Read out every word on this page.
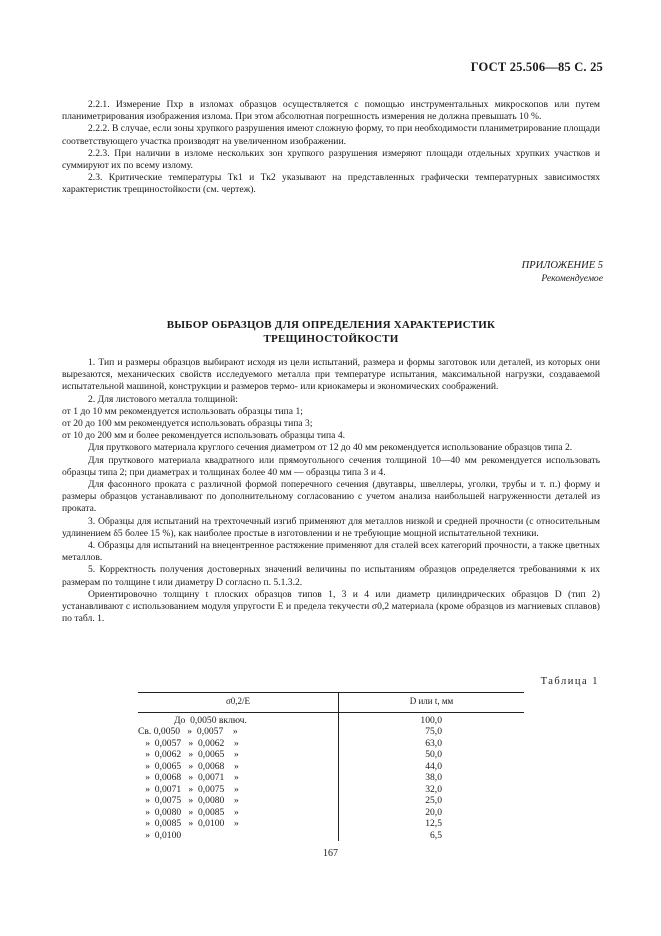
ГОСТ 25.506—85 С. 25

2.2.1. Измерение Пхр в изломах образцов осуществляется с помощью инструментальных микроскопов или путем планиметрирования изображения излома. При этом абсолютная погрешность измерения не должна превышать 10 %.

2.2.2. В случае, если зоны хрупкого разрушения имеют сложную форму, то при необходимости планиметрирование площади соответствующего участка производят на увеличенном изображении.

2.2.3. При наличии в изломе нескольких зон хрупкого разрушения измеряют площади отдельных хрупких участков и суммируют их по всему излому.

2.3. Критические температуры Тк1 и Тк2 указывают на представленных графически температурных зависимостях характеристик трещиностойкости (см. чертеж).

ПРИЛОЖЕНИЕ 5
Рекомендуемое
ВЫБОР ОБРАЗЦОВ ДЛЯ ОПРЕДЕЛЕНИЯ ХАРАКТЕРИСТИК
ТРЕЩИНОСТОЙКОСТИ

1. Тип и размеры образцов выбирают исходя из цели испытаний, размера и формы заготовок или деталей, из которых они вырезаются, механических свойств исследуемого металла при температуре испытания, максимальной нагрузки, создаваемой испытательной машиной, конструкции и размеров термо- или криокамеры и экономических соображений.

2. Для листового металла толщиной:

от 1 до 10 мм рекомендуется использовать образцы типа 1;

от 20 до 100 мм рекомендуется использовать образцы типа 3;

от 10 до 200 мм и более рекомендуется использовать образцы типа 4.

Для пруткового материала круглого сечения диаметром от 12 до 40 мм рекомендуется использование образцов типа 2.

Для пруткового материала квадратного или прямоугольного сечения толщиной 10—40 мм рекомендуется использовать образцы типа 2; при диаметрах и толщинах более 40 мм — образцы типа 3 и 4.

Для фасонного проката с различной формой поперечного сечения (двутавры, швеллеры, уголки, трубы и т. п.) форму и размеры образцов устанавливают по дополнительному согласованию с учетом анализа наибольшей нагруженности деталей из проката.

3. Образцы для испытаний на трехточечный изгиб применяют для металлов низкой и средней прочности (с относительным удлинением δ5 более 15 %), как наиболее простые в изготовлении и не требующие мощной испытательной техники.

4. Образцы для испытаний на внецентренное растяжение применяют для сталей всех категорий прочности, а также цветных металлов.

5. Корректность получения достоверных значений величины по испытаниям образцов определяется требованиями к их размерам по толщине t или диаметру D согласно п. 5.1.3.2.

Ориентировочно толщину t плоских образцов типов 1, 3 и 4 или диаметр цилиндрических образцов D (тип 2) устанавливают с использованием модуля упругости E и предела текучести σ0,2 материала (кроме образцов из магниевых сплавов) по табл. 1.

Таблица 1
σ0,2/E	D или t, мм
До  0,0050 включ.	100,0
Св. 0,0050   »  0,0057    »	75,0
»  0,0057   »  0,0062    »	63,0
»  0,0062   »  0,0065    »	50,0
»  0,0065   »  0,0068    »	44,0
»  0,0068   »  0,0071    »	38,0
»  0,0071   »  0,0075    »	32,0
»  0,0075   »  0,0080    »	25,0
»  0,0080   »  0,0085    »	20,0
»  0,0085   »  0,0100    »	12,5
»  0,0100	6,5
167
